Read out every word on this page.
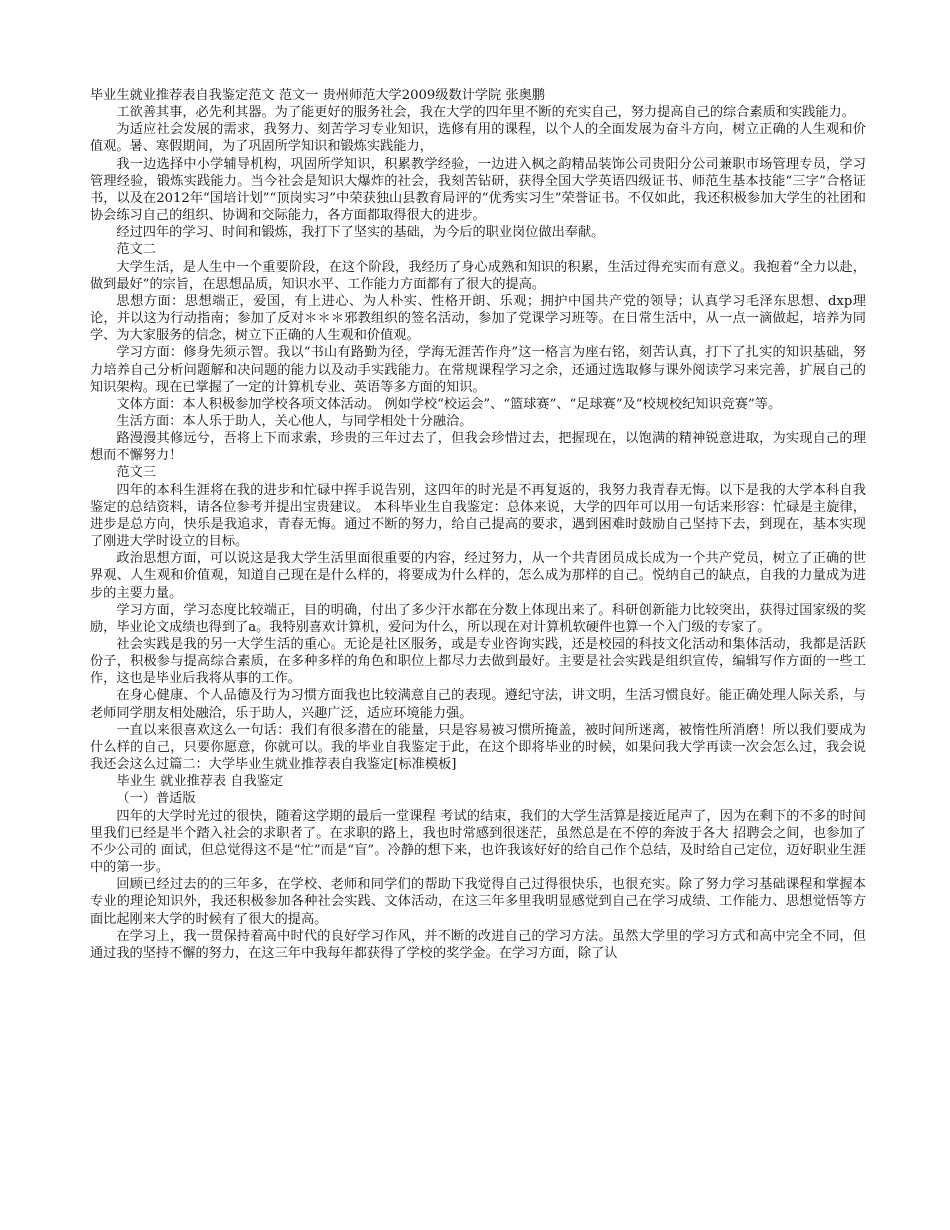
毕业生就业推荐表自我鉴定范文 范文一 贵州师范大学2009级数计学院 张奥鹏

工欲善其事，必先利其器。为了能更好的服务社会，我在大学的四年里不断的充实自己，努力提高自己的综合素质和实践能力。

为适应社会发展的需求，我努力、刻苦学习专业知识，选修有用的课程，以个人的全面发展为奋斗方向，树立正确的人生观和价值观。暑、寒假期间，为了巩固所学知识和锻炼实践能力，

我一边选择中小学辅导机构，巩固所学知识，积累教学经验，一边进入枫之韵精品装饰公司贵阳分公司兼职市场管理专员，学习管理经验，锻炼实践能力。当今社会是知识大爆炸的社会，我刻苦钻研，获得全国大学英语四级证书、师范生基本技能“三字”合格证书，以及在2012年“国培计划”“顶岗实习”中荣获独山县教育局评的“优秀实习生”荣誉证书。不仅如此，我还积极参加大学生的社团和协会练习自己的组织、协调和交际能力，各方面都取得很大的进步。

经过四年的学习、时间和锻炼，我打下了坚实的基础，为今后的职业岗位做出奉献。

范文二

大学生活，是人生中一个重要阶段，在这个阶段，我经历了身心成熟和知识的积累，生活过得充实而有意义。我抱着“全力以赴，做到最好”的宗旨，在思想品质，知识水平、工作能力方面都有了很大的提高。

思想方面：思想端正，爱国，有上进心、为人朴实、性格开朗、乐观；拥护中国共产党的领导；认真学习毛泽东思想、dxp理论，并以这为行动指南；参加了反对＊＊＊邪教组织的签名活动，参加了党课学习班等。在日常生活中，从一点一滴做起，培养为同学、为大家服务的信念，树立下正确的人生观和价值观。

学习方面：修身先须示智。我以“书山有路勤为径，学海无涯苦作舟”这一格言为座右铭，刻苦认真，打下了扎实的知识基础，努力培养自己分析问题解和决问题的能力以及动手实践能力。在常规课程学习之余，还通过选取修与课外阅读学习来完善，扩展自己的知识架构。现在已掌握了一定的计算机专业、英语等多方面的知识。

文体方面：本人积极参加学校各项文体活动。 例如学校“校运会”、“篮球赛”、“足球赛”及“校规校纪知识竞赛”等。

生活方面：本人乐于助人，关心他人，与同学相处十分融洽。

路漫漫其修远兮，吾将上下而求索，珍贵的三年过去了，但我会珍惜过去，把握现在，以饱满的精神锐意进取，为实现自己的理想而不懈努力！

范文三

四年的本科生涯将在我的进步和忙碌中挥手说告别，这四年的时光是不再复返的，我努力我青春无悔。以下是我的大学本科自我鉴定的总结资料，请各位参考并提出宝贵建议。 本科毕业生自我鉴定：总体来说，大学的四年可以用一句话来形容：忙碌是主旋律，进步是总方向，快乐是我追求，青春无悔。通过不断的努力，给自己提高的要求，遇到困难时鼓励自己坚持下去，到现在，基本实现了刚进大学时设立的目标。

政治思想方面，可以说这是我大学生活里面很重要的内容，经过努力，从一个共青团员成长成为一个共产党员，树立了正确的世界观、人生观和价值观，知道自己现在是什么样的，将要成为什么样的，怎么成为那样的自己。悦纳自己的缺点，自我的力量成为进步的主要力量。

学习方面，学习态度比较端正，目的明确，付出了多少汗水都在分数上体现出来了。科研创新能力比较突出，获得过国家级的奖励，毕业论文成绩也得到了a。我特别喜欢计算机，爱问为什么，所以现在对计算机软硬件也算一个入门级的专家了。

社会实践是我的另一大学生活的重心。无论是社区服务，或是专业咨询实践，还是校园的科技文化活动和集体活动，我都是活跃份子，积极参与提高综合素质，在多种多样的角色和职位上都尽力去做到最好。主要是社会实践是组织宣传，编辑写作方面的一些工作，这也是毕业后我将从事的工作。

在身心健康、个人品德及行为习惯方面我也比较满意自己的表现。遵纪守法，讲文明，生活习惯良好。能正确处理人际关系，与老师同学朋友相处融洽，乐于助人，兴趣广泛，适应环境能力强。

一直以来很喜欢这么一句话：我们有很多潜在的能量，只是容易被习惯所掩盖，被时间所迷离，被惰性所消磨！所以我们要成为什么样的自己，只要你愿意，你就可以。我的毕业自我鉴定于此，在这个即将毕业的时候，如果问我大学再读一次会怎么过，我会说我还会这么过篇二：大学毕业生就业推荐表自我鉴定[标准模板]

毕业生 就业推荐表 自我鉴定

（一）普适版

四年的大学时光过的很快，随着这学期的最后一堂课程 考试的结束，我们的大学生活算是接近尾声了，因为在剩下的不多的时间里我们已经是半个踏入社会的求职者了。在求职的路上，我也时常感到很迷茫，虽然总是在不停的奔波于各大 招聘会之间，也参加了不少公司的 面试，但总觉得这不是“忙”而是“盲”。冷静的想下来，也许我该好好的给自己作个总结，及时给自己定位，迈好职业生涯中的第一步。

回顾已经过去的的三年多，在学校、老师和同学们的帮助下我觉得自己过得很快乐，也很充实。除了努力学习基础课程和掌握本专业的理论知识外，我还积极参加各种社会实践、文体活动，在这三年多里我明显感觉到自己在学习成绩、工作能力、思想觉悟等方面比起刚来大学的时候有了很大的提高。

在学习上，我一贯保持着高中时代的良好学习作风，并不断的改进自己的学习方法。虽然大学里的学习方式和高中完全不同，但通过我的坚持不懈的努力，在这三年中我每年都获得了学校的奖学金。在学习方面，除了认
